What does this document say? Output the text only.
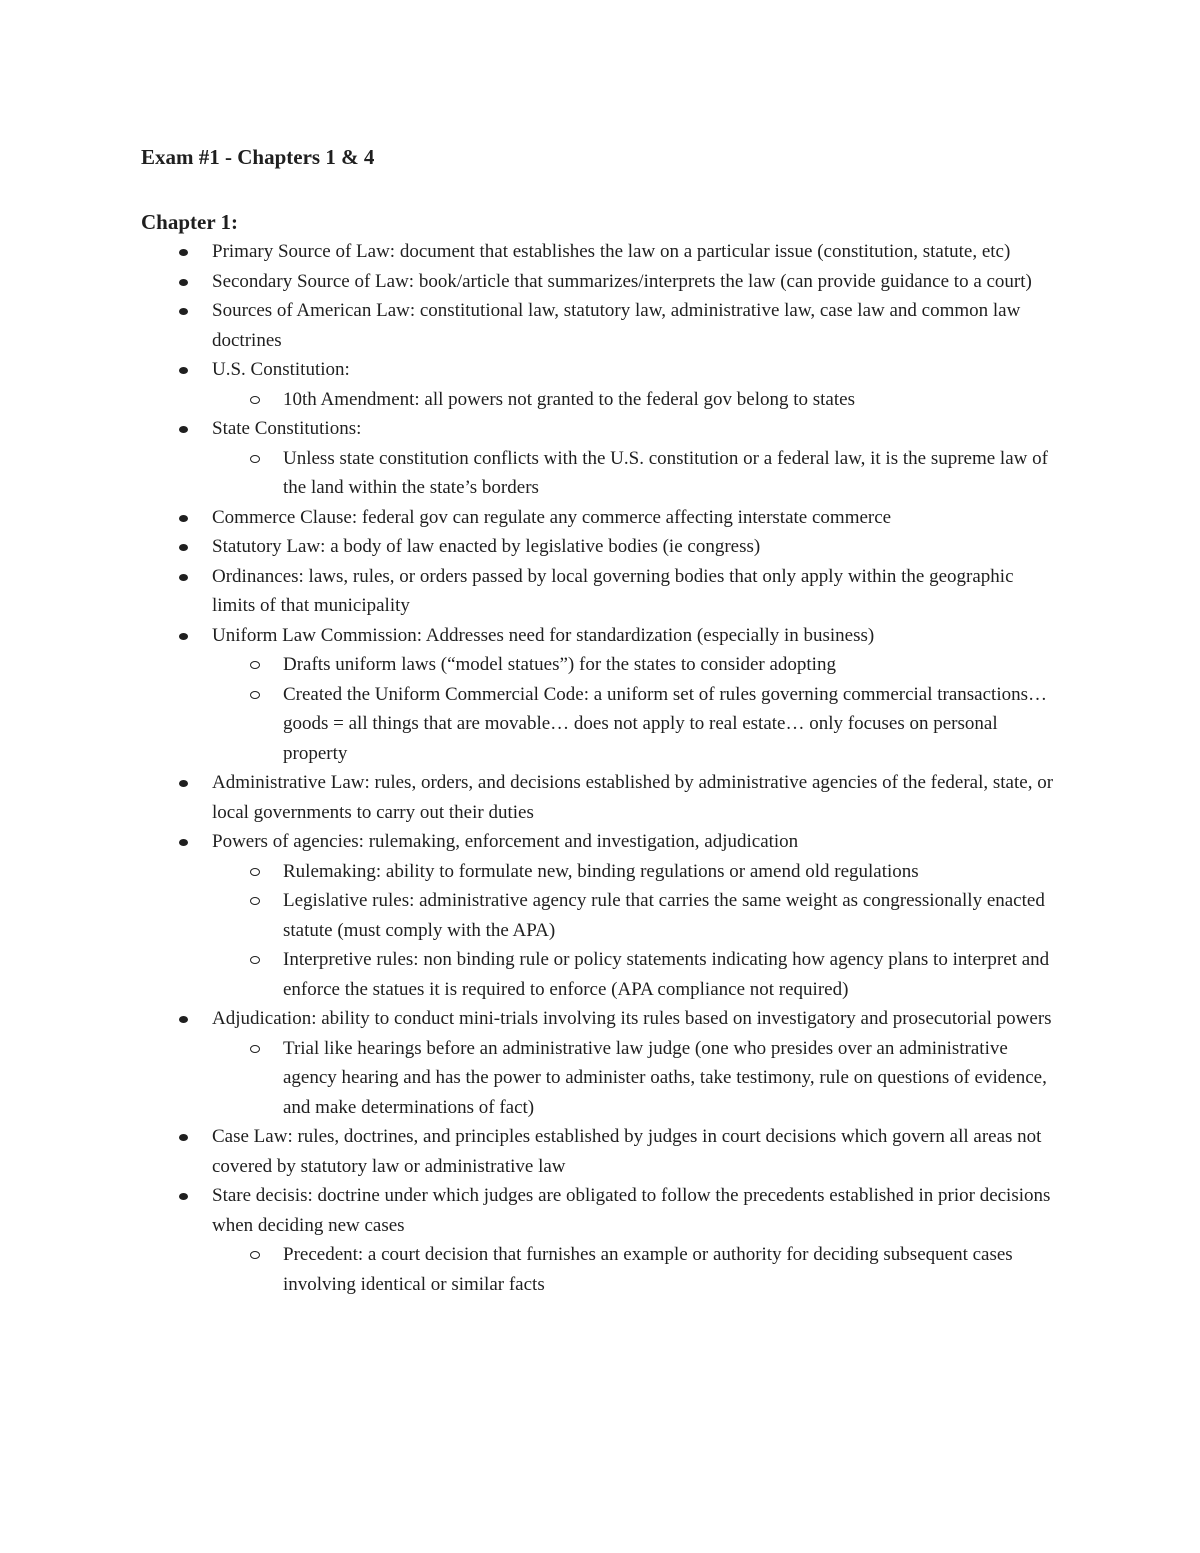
Exam #1 - Chapters 1 & 4
Chapter 1:
Primary Source of Law: document that establishes the law on a particular issue (constitution, statute, etc)
Secondary Source of Law: book/article that summarizes/interprets the law (can provide guidance to a court)
Sources of American Law: constitutional law, statutory law, administrative law, case law and common law doctrines
U.S. Constitution:
10th Amendment: all powers not granted to the federal gov belong to states
State Constitutions:
Unless state constitution conflicts with the U.S. constitution or a federal law, it is the supreme law of the land within the state’s borders
Commerce Clause: federal gov can regulate any commerce affecting interstate commerce
Statutory Law: a body of law enacted by legislative bodies (ie congress)
Ordinances: laws, rules, or orders passed by local governing bodies that only apply within the geographic limits of that municipality
Uniform Law Commission: Addresses need for standardization (especially in business)
Drafts uniform laws (“model statues”) for the states to consider adopting
Created the Uniform Commercial Code: a uniform set of rules governing commercial transactions… goods = all things that are movable… does not apply to real estate… only focuses on personal property
Administrative Law: rules, orders, and decisions established by administrative agencies of the federal, state, or local governments to carry out their duties
Powers of agencies: rulemaking, enforcement and investigation, adjudication
Rulemaking: ability to formulate new, binding regulations or amend old regulations
Legislative rules: administrative agency rule that carries the same weight as congressionally enacted statute (must comply with the APA)
Interpretive rules: non binding rule or policy statements indicating how agency plans to interpret and enforce the statues it is required to enforce (APA compliance not required)
Adjudication: ability to conduct mini-trials involving its rules based on investigatory and prosecutorial powers
Trial like hearings before an administrative law judge (one who presides over an administrative agency hearing and has the power to administer oaths, take testimony, rule on questions of evidence, and make determinations of fact)
Case Law: rules, doctrines, and principles established by judges in court decisions which govern all areas not covered by statutory law or administrative law
Stare decisis: doctrine under which judges are obligated to follow the precedents established in prior decisions when deciding new cases
Precedent: a court decision that furnishes an example or authority for deciding subsequent cases involving identical or similar facts
